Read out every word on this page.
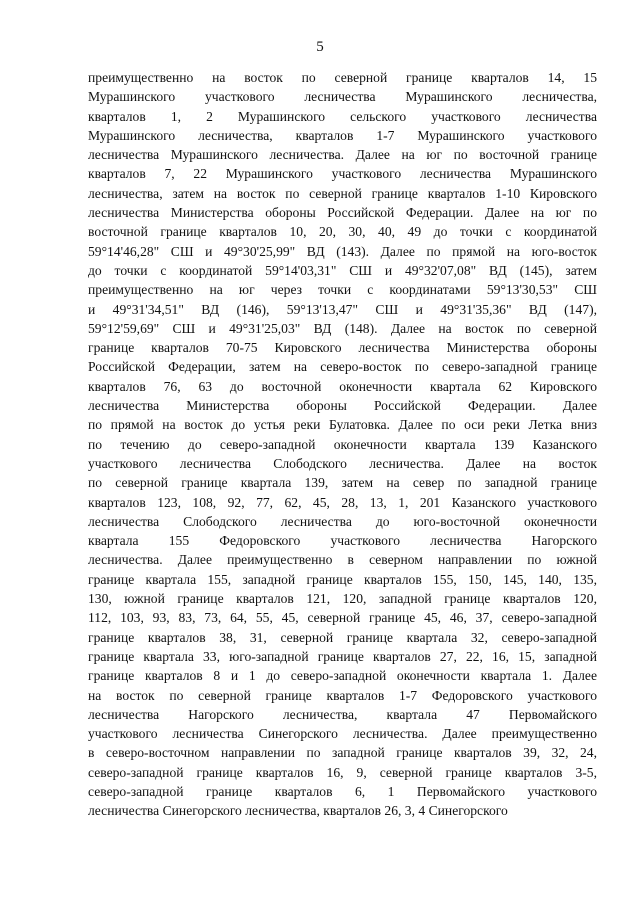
5
преимущественно на восток по северной границе кварталов 14, 15
Мурашинского участкового лесничества Мурашинского лесничества,
кварталов 1, 2 Мурашинского сельского участкового лесничества
Мурашинского лесничества, кварталов 1-7 Мурашинского участкового
лесничества Мурашинского лесничества. Далее на юг по восточной границе
кварталов 7, 22 Мурашинского участкового лесничества Мурашинского
лесничества, затем на восток по северной границе кварталов 1-10 Кировского
лесничества Министерства обороны Российской Федерации. Далее на юг по
восточной границе кварталов 10, 20, 30, 40, 49 до точки с координатой
59°14'46,28" СШ и 49°30'25,99" ВД (143). Далее по прямой на юго-восток
до точки с координатой 59°14'03,31" СШ и 49°32'07,08" ВД (145), затем
преимущественно на юг через точки с координатами 59°13'30,53" СШ
и 49°31'34,51" ВД (146), 59°13'13,47" СШ и 49°31'35,36" ВД (147),
59°12'59,69" СШ и 49°31'25,03" ВД (148). Далее на восток по северной
границе кварталов 70-75 Кировского лесничества Министерства обороны
Российской Федерации, затем на северо-восток по северо-западной границе
кварталов 76, 63 до восточной оконечности квартала 62 Кировского
лесничества Министерства обороны Российской Федерации. Далее
по прямой на восток до устья реки Булатовка. Далее по оси реки Летка вниз
по течению до северо-западной оконечности квартала 139 Казанского
участкового лесничества Слободского лесничества. Далее на восток
по северной границе квартала 139, затем на север по западной границе
кварталов 123, 108, 92, 77, 62, 45, 28, 13, 1, 201 Казанского участкового
лесничества Слободского лесничества до юго-восточной оконечности
квартала 155 Федоровского участкового лесничества Нагорского
лесничества. Далее преимущественно в северном направлении по южной
границе квартала 155, западной границе кварталов 155, 150, 145, 140, 135,
130, южной границе кварталов 121, 120, западной границе кварталов 120,
112, 103, 93, 83, 73, 64, 55, 45, северной границе 45, 46, 37, северо-западной
границе кварталов 38, 31, северной границе квартала 32, северо-западной
границе квартала 33, юго-западной границе кварталов 27, 22, 16, 15, западной
границе кварталов 8 и 1 до северо-западной оконечности квартала 1. Далее
на восток по северной границе кварталов 1-7 Федоровского участкового
лесничества Нагорского лесничества, квартала 47 Первомайского
участкового лесничества Синегорского лесничества. Далее преимущественно
в северо-восточном направлении по западной границе кварталов 39, 32, 24,
северо-западной границе кварталов 16, 9, северной границе кварталов 3-5,
северо-западной границе кварталов 6, 1 Первомайского участкового
лесничества Синегорского лесничества, кварталов 26, 3, 4 Синегорского
